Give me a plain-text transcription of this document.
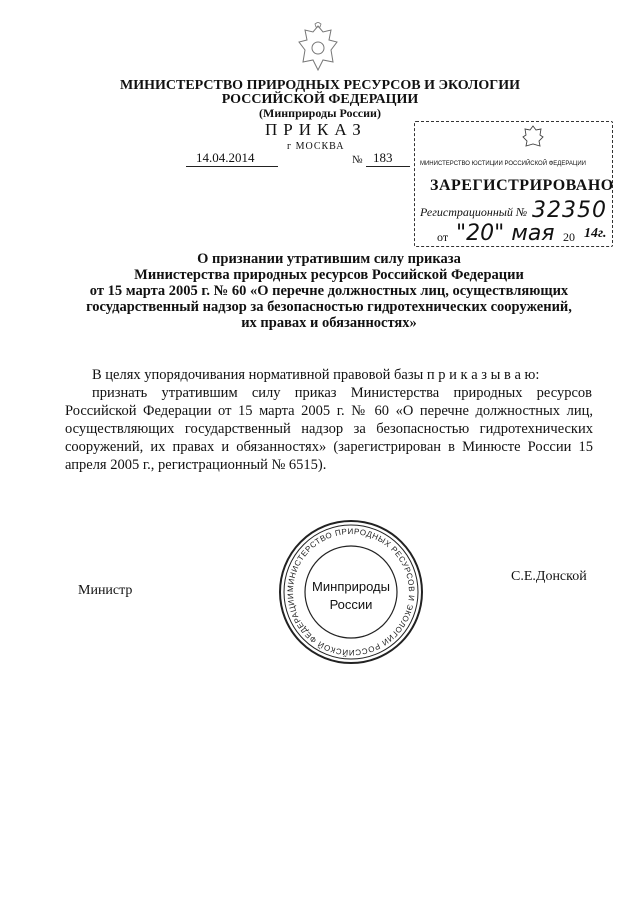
МИНИСТЕРСТВО ПРИРОДНЫХ РЕСУРСОВ И ЭКОЛОГИИ
РОССИЙСКОЙ ФЕДЕРАЦИИ
(Минприроды России)
ПРИКАЗ
г МОСКВА
14.04.2014	№ 183	МИНИСТЕРСТВО ЮСТИЦИИ РОССИЙСКОЙ ФЕДЕРАЦИИ
ЗАРЕГИСТРИРОВАНО
Регистрационный № 32350
от "20" мая 20 14г.
О признании утратившим силу приказа
Министерства природных ресурсов Российской Федерации
от 15 марта 2005 г. № 60 «О перечне должностных лиц, осуществляющих
государственный надзор за безопасностью гидротехнических сооружений,
их правах и обязанностях»
В целях упорядочивания нормативной правовой базы п р и к а з ы в а ю:
признать утратившим силу приказ Министерства природных ресурсов
Российской Федерации от 15 марта 2005 г. № 60 «О перечне должностных лиц,
осуществляющих государственный надзор за безопасностью гидротехнических
сооружений, их правах и обязанностях» (зарегистрирован в Минюсте России 15
апреля 2005 г., регистрационный № 6515).
МИНИСТЕРСТВО ПРИРОДНЫХ РЕСУРСОВ И ЭКОЛОГИИ РОССИЙСКОЙ ФЕДЕРАЦИИ
Минприроды
России
Министр
С.Е.Донской
